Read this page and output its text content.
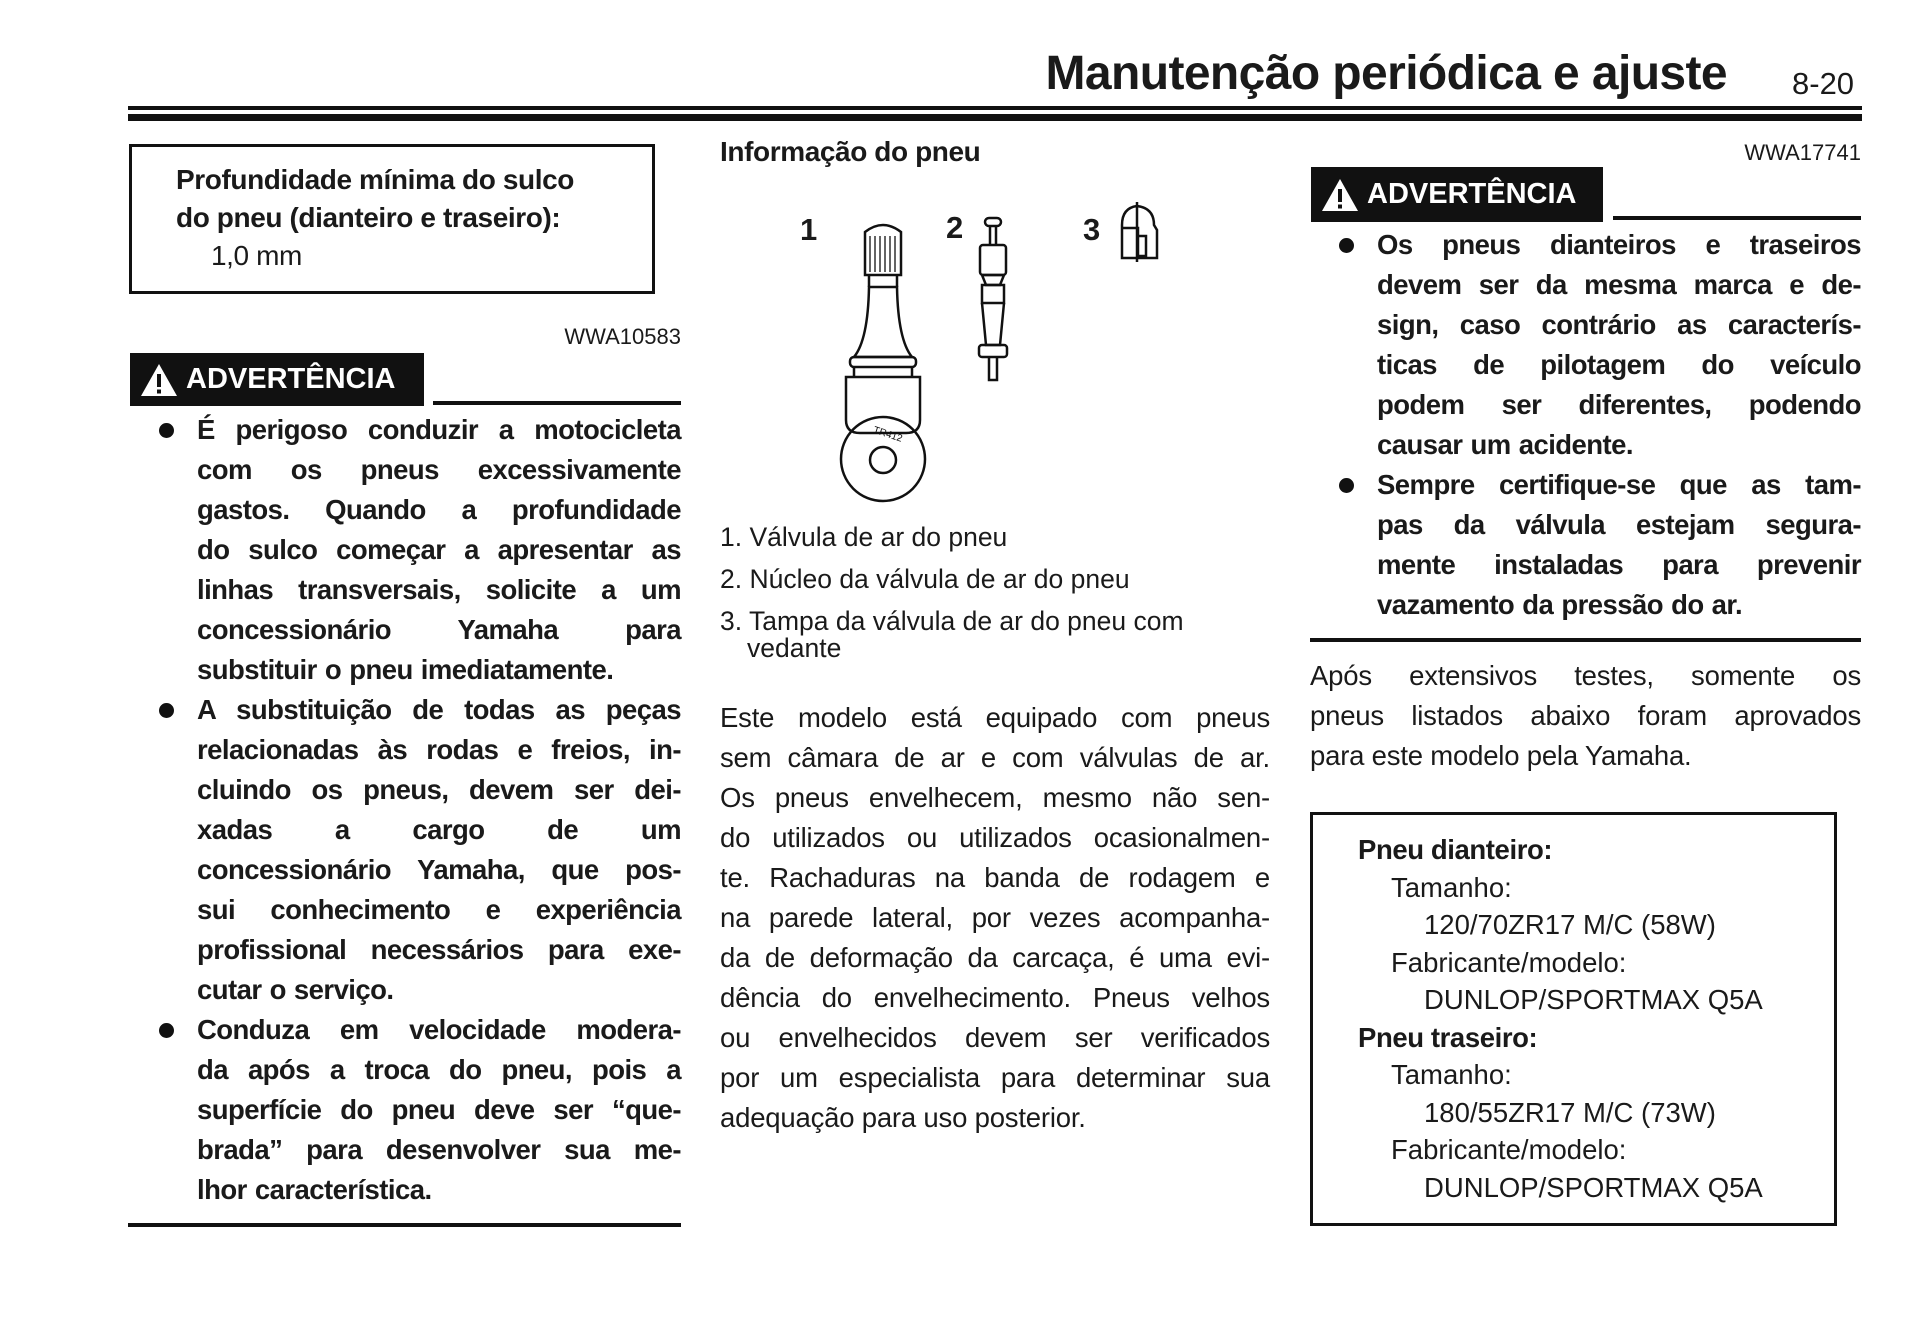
Manutenção periódica e ajuste 8-20
Profundidade mínima do sulco
do pneu (dianteiro e traseiro):
1,0 mm
WWA10583
ADVERTÊNCIA
É perigoso conduzir a motocicleta
com os pneus excessivamente
gastos. Quando a profundidade
do sulco começar a apresentar as
linhas transversais, solicite a um
concessionário Yamaha para
substituir o pneu imediatamente.
A substituição de todas as peças
relacionadas às rodas e freios, in-
cluindo os pneus, devem ser dei-
xadas a cargo de um
concessionário Yamaha, que pos-
sui conhecimento e experiência
profissional necessários para exe-
cutar o serviço.
Conduza em velocidade modera-
da após a troca do pneu, pois a
superfície do pneu deve ser “que-
brada” para desenvolver sua me-
lhor característica.
Informação do pneu
1	2	3
TR412
1. Válvula de ar do pneu
2. Núcleo da válvula de ar do pneu
3. Tampa da válvula de ar do pneu com
vedante
Este modelo está equipado com pneus
sem câmara de ar e com válvulas de ar.
Os pneus envelhecem, mesmo não sen-
do utilizados ou utilizados ocasionalmen-
te. Rachaduras na banda de rodagem e
na parede lateral, por vezes acompanha-
da de deformação da carcaça, é uma evi-
dência do envelhecimento. Pneus velhos
ou envelhecidos devem ser verificados
por um especialista para determinar sua
adequação para uso posterior.
WWA17741
ADVERTÊNCIA
Os pneus dianteiros e traseiros
devem ser da mesma marca e de-
sign, caso contrário as caracterís-
ticas de pilotagem do veículo
podem ser diferentes, podendo
causar um acidente.
Sempre certifique-se que as tam-
pas da válvula estejam segura-
mente instaladas para prevenir
vazamento da pressão do ar.
Após extensivos testes, somente os
pneus listados abaixo foram aprovados
para este modelo pela Yamaha.
Pneu dianteiro:
Tamanho:
120/70ZR17 M/C (58W)
Fabricante/modelo:
DUNLOP/SPORTMAX Q5A
Pneu traseiro:
Tamanho:
180/55ZR17 M/C (73W)
Fabricante/modelo:
DUNLOP/SPORTMAX Q5A
